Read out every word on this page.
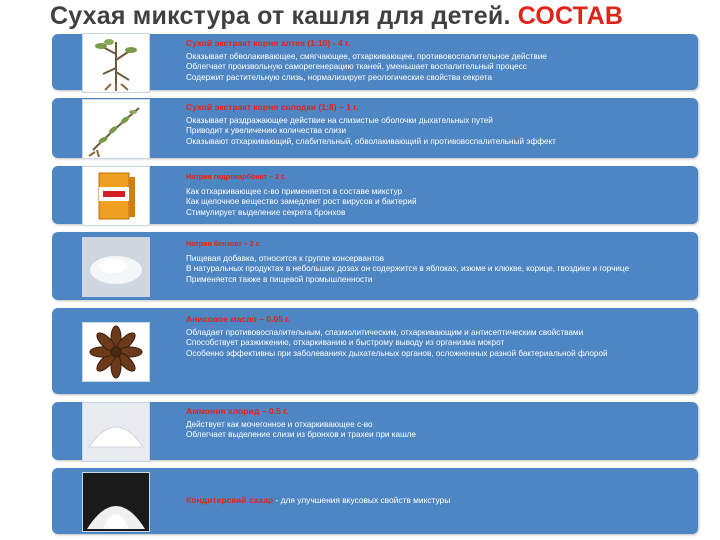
Сухая микстура от кашля для детей. СОСТАВ
Сухой экстракт корня алтея (1:10) - 4 г.
Оказывает обволакивающее, смягчающее, отхаркивающее, противовоспалительное действие
Облегчает произвольную саморегенерацию тканей, уменьшает воспалительный процесс
Содержит растительную слизь, нормализирует реологические свойства секрета
Сухой экстракт корня солодки (1:8) – 1 г.
Оказывает раздражающее действие на слизистые оболочки дыхательных путей
Приводит к увеличению количества слизи
Оказывают отхаркивающий, слабительный, обволакивающий и противовоспалительный эффект
Натрия гидрокарбонат – 2 г.
Как отхаркивающее с-во применяется в составе микстур
Как щелочное вещество замедляет рост вирусов и бактерий
Стимулирует выделение секрета бронхов
Натрия бензоат – 2 г.
Пищевая добавка, относится к группе консервантов
В натуральных продуктах в небольших дозах он содержится в яблоках, изюме и клюкве, корице, гвоздике и горчице
Применяется также в пищевой промышленности
Анисовое масло – 0.05 г.
Обладает противовоспалительным, спазмолитическим, отхаркивающим и антисептическим свойствами
Способствует разжижению, отхаркиванию и быстрому выводу из организма мокрот
Особенно эффективны при заболеваниях дыхательных органов, осложненных разной бактериальной флорой
Аммония хлорид – 0.5 г.
Действует как мочегонное и отхаркивающее с-во
Облегчает выделение слизи из бронхов и трахеи при кашле
Кондитерский сахар - для улучшения вкусовых свойств микстуры
